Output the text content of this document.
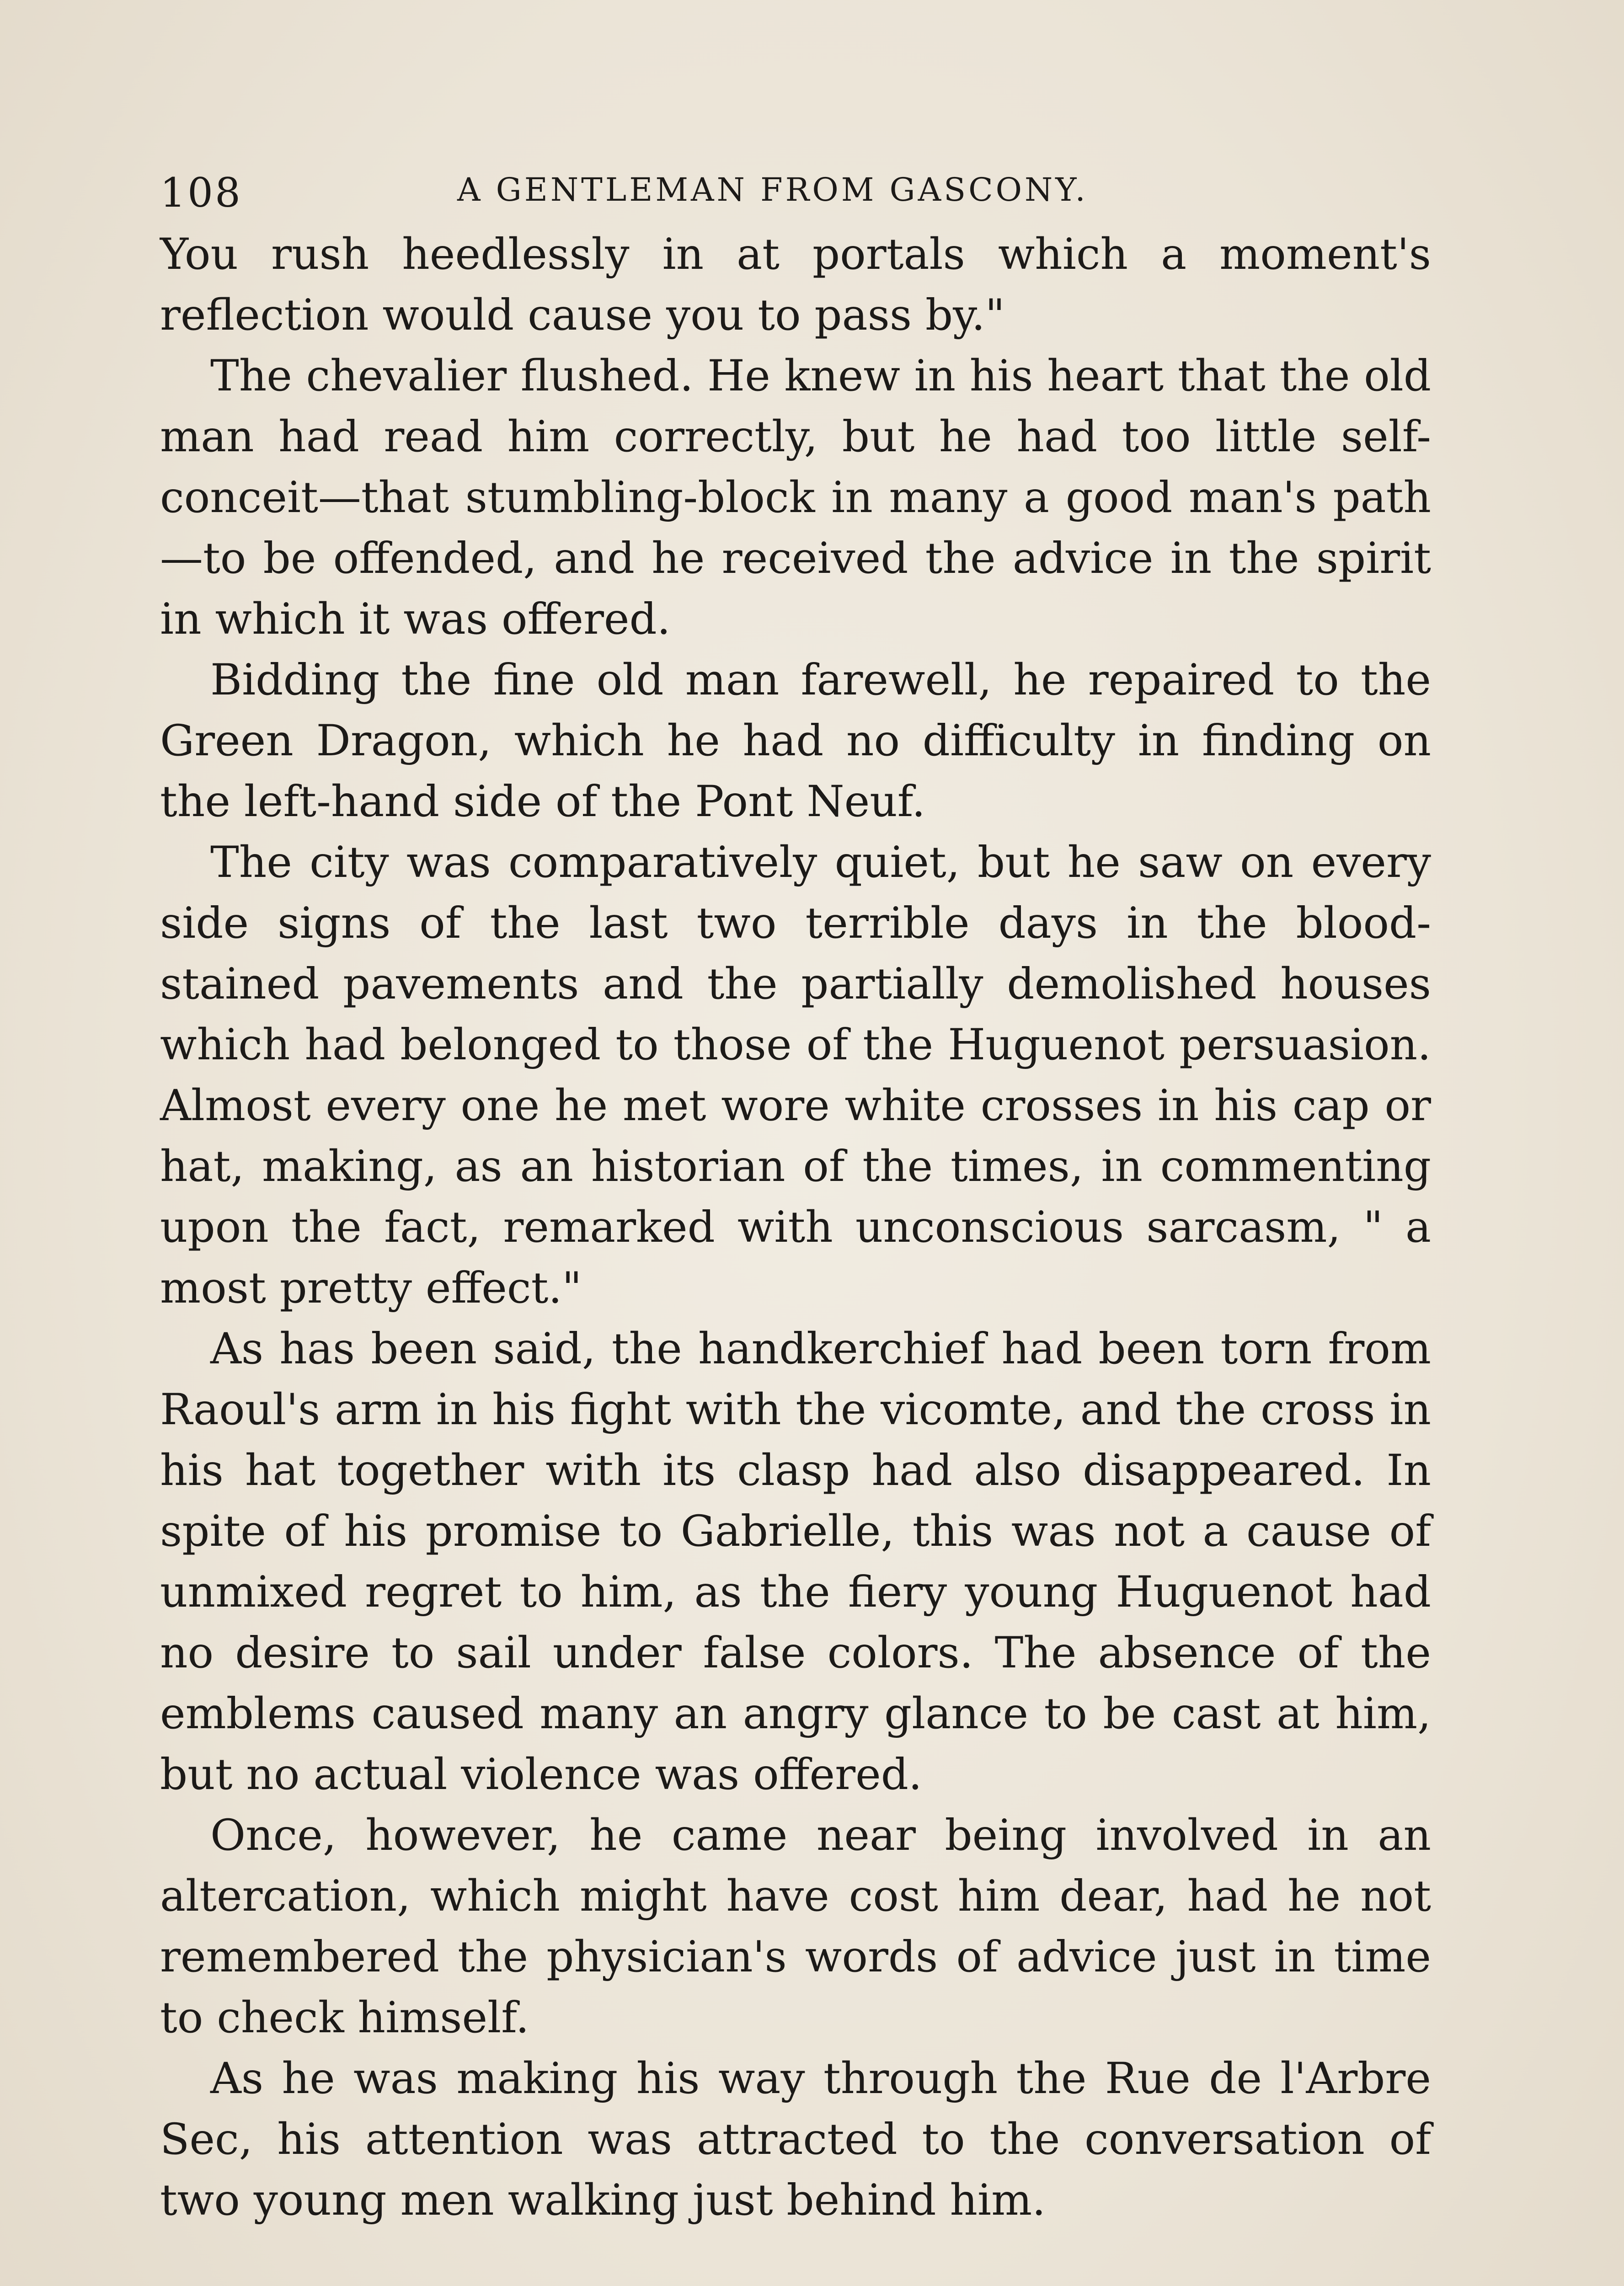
108	A GENTLEMAN FROM GASCONY.

You rush heedlessly in at portals which a moment's reflection would cause you to pass by."

The chevalier flushed. He knew in his heart that the old man had read him correctly, but he had too little self-conceit—that stumbling-block in many a good man's path—to be offended, and he received the advice in the spirit in which it was offered.

Bidding the fine old man farewell, he repaired to the Green Dragon, which he had no difficulty in finding on the left-hand side of the Pont Neuf.

The city was comparatively quiet, but he saw on every side signs of the last two terrible days in the blood-stained pavements and the partially demolished houses which had belonged to those of the Huguenot persuasion. Almost every one he met wore white crosses in his cap or hat, making, as an historian of the times, in commenting upon the fact, remarked with unconscious sarcasm, " a most pretty effect."

As has been said, the handkerchief had been torn from Raoul's arm in his fight with the vicomte, and the cross in his hat together with its clasp had also disappeared. In spite of his promise to Gabrielle, this was not a cause of unmixed regret to him, as the fiery young Huguenot had no desire to sail under false colors. The absence of the emblems caused many an angry glance to be cast at him, but no actual violence was offered.

Once, however, he came near being involved in an altercation, which might have cost him dear, had he not remembered the physician's words of advice just in time to check himself.

As he was making his way through the Rue de l'Arbre Sec, his attention was attracted to the conversation of two young men walking just behind him.
